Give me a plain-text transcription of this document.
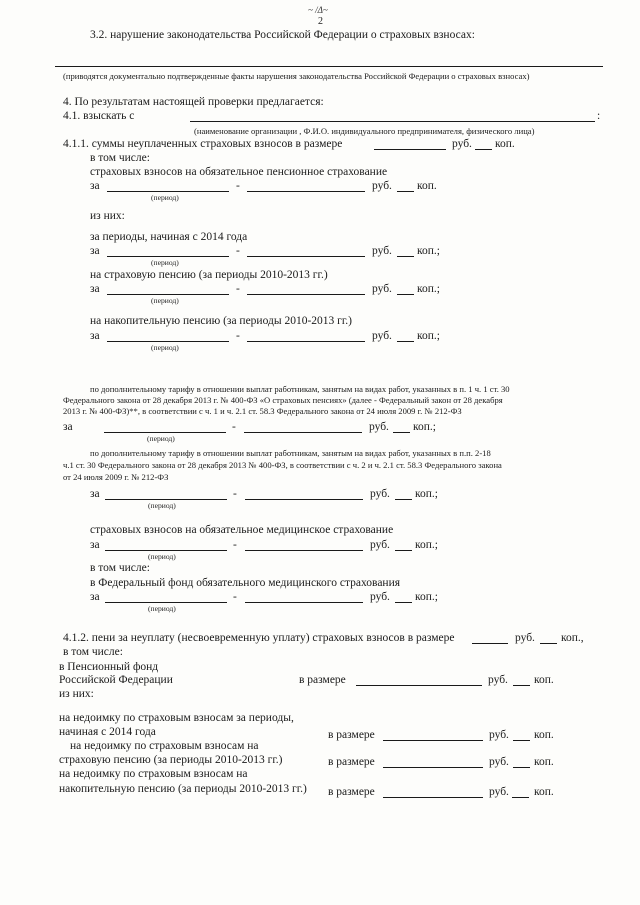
~ /Δ~
2
3.2. нарушение законодательства Российской Федерации о страховых взносах:
(приводятся документально подтвержденные факты нарушения законодательства Российской Федерации о страховых взносах)
4. По результатам настоящей проверки предлагается:
4.1. взыскать с	:
(наименование организации , Ф.И.О. индивидуального предпринимателя, физического лица)
4.1.1. суммы неуплаченных страховых взносов в размере	руб. коп.
в том числе:
страховых взносов на обязательное пенсионное страхование
за	-	руб. коп.
(период)
из них:
за периоды, начиная с 2014 года
за	-	руб. коп.;
(период)
на страховую пенсию (за периоды 2010-2013 гг.)
за	-	руб. коп.;
(период)
на накопительную пенсию (за периоды 2010-2013 гг.)
за	-	руб. коп.;
(период)
по дополнительному тарифу в отношении выплат работникам, занятым на видах работ, указанных в п. 1 ч. 1 ст. 30
Федерального закона от 28 декабря 2013 г. № 400-ФЗ «О страховых пенсиях» (далее - Федеральный закон от 28 декабря
2013 г. № 400-ФЗ)**, в соответствии с ч. 1 и ч. 2.1 ст. 58.3 Федерального закона от 24 июля 2009 г. № 212-ФЗ
за	-	руб. коп.;
(период)
по дополнительному тарифу в отношении выплат работникам, занятым на видах работ, указанных в п.п. 2-18
ч.1 ст. 30 Федерального закона от 28 декабря 2013 № 400-ФЗ, в соответствии с ч. 2 и ч. 2.1 ст. 58.3 Федерального закона
от 24 июля 2009 г. № 212-ФЗ
за	-	руб. коп.;
(период)
страховых взносов на обязательное медицинское страхование
за	-	руб. коп.;
(период)
в том числе:
в Федеральный фонд обязательного медицинского страхования
за	-	руб. коп.;
(период)
4.1.2. пени за неуплату (несвоевременную уплату) страховых взносов в размере	руб. коп.,
в том числе:
в Пенсионный фонд
Российской Федерации	в размере	руб. коп.
из них:
на недоимку по страховым взносам за периоды,
начиная с 2014 года	в размере	руб. коп.
на недоимку по страховым взносам на
страховую пенсию (за периоды 2010-2013 гг.)	в размере	руб. коп.
на недоимку по страховым взносам на
накопительную пенсию (за периоды 2010-2013 гг.) в размере	руб. коп.
